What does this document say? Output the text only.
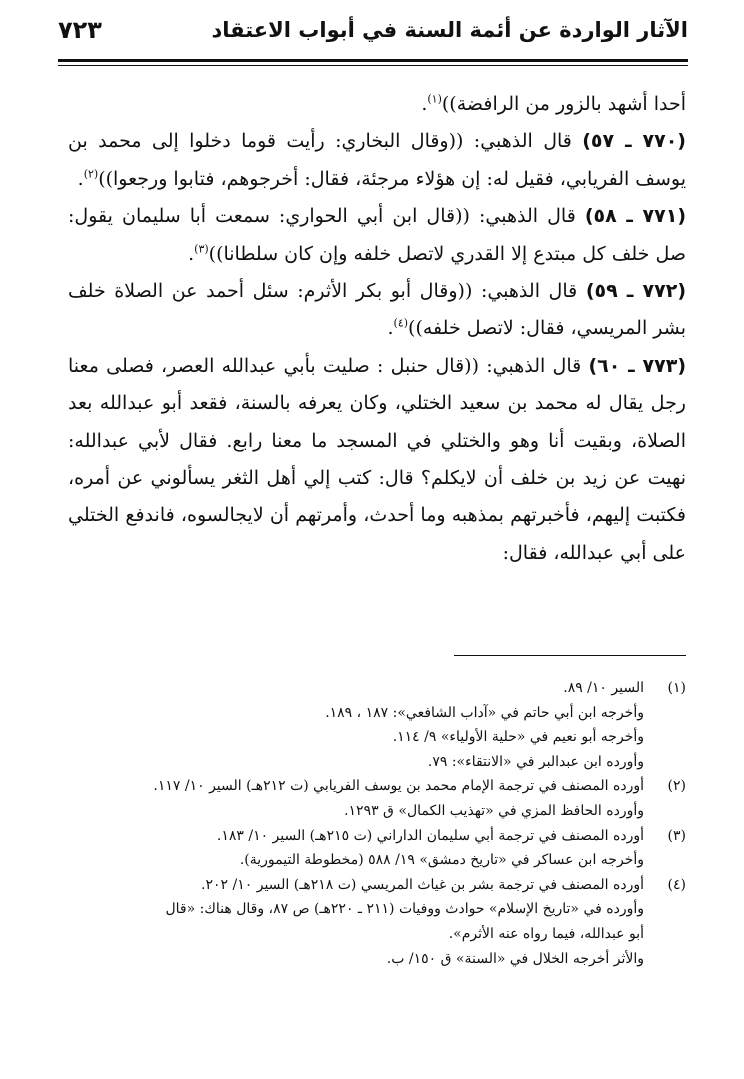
الآثار الواردة عن أئمة السنة في أبواب الاعتقاد
٧٢٣

أحدا أشهد بالزور من الرافضة))$^{(١)}$.

(٧٧٠ ـ ٥٧) قال الذهبي: ((وقال البخاري: رأيت قوما دخلوا إلى محمد بن يوسف الفريابي، فقيل له: إن هؤلاء مرجئة، فقال: أخرجوهم، فتابوا ورجعوا))$^{(٢)}$.

(٧٧١ ـ ٥٨) قال الذهبي: ((قال ابن أبي الحواري: سمعت أبا سليمان يقول: صل خلف كل مبتدع إلا القدري لاتصل خلفه وإن كان سلطانا))$^{(٣)}$.

(٧٧٢ ـ ٥٩) قال الذهبي: ((وقال أبو بكر الأثرم: سئل أحمد عن الصلاة خلف بشر المريسي، فقال: لاتصل خلفه))$^{(٤)}$.

(٧٧٣ ـ ٦٠) قال الذهبي: ((قال حنبل : صليت بأبي عبدالله العصر، فصلى معنا رجل يقال له محمد بن سعيد الختلي، وكان يعرفه بالسنة، فقعد أبو عبدالله بعد الصلاة، وبقيت أنا وهو والختلي في المسجد ما معنا رابع. فقال لأبي عبدالله: نهيت عن زيد بن خلف أن لايكلم؟ قال: كتب إلي أهل الثغر يسألوني عن أمره، فكتبت إليهم، فأخبرتهم بمذهبه وما أحدث، وأمرتهم أن لايجالسوه، فاندفع الختلي على أبي عبدالله، فقال:

(١)
السير ١٠/ ٨٩.
وأخرجه ابن أبي حاتم في «آداب الشافعي»: ١٨٧ ، ١٨٩.
وأخرجه أبو نعيم في «حلية الأولياء» ٩/ ١١٤.
وأورده ابن عبدالبر في «الانتقاء»: ٧٩.
(٢)
أورده المصنف في ترجمة الإمام محمد بن يوسف الفريابي (ت ٢١٢هـ) السير ١٠/ ١١٧.
وأورده الحافظ المزي في «تهذيب الكمال» ق ١٢٩٣.
(٣)
أورده المصنف في ترجمة أبي سليمان الداراني (ت ٢١٥هـ) السير ١٠/ ١٨٣.
وأخرجه ابن عساكر في «تاريخ دمشق» ١٩/ ٥٨٨ (مخطوطة التيمورية).
(٤)
أورده المصنف في ترجمة بشر بن غياث المريسي (ت ٢١٨هـ) السير ١٠/ ٢٠٢.
وأورده في «تاريخ الإسلام» حوادث ووفيات (٢١١ ـ ٢٢٠هـ) ص ٨٧، وقال هناك: «قال
أبو عبدالله، فيما رواه عنه الأثرم».
والأثر أخرجه الخلال في «السنة» ق ١٥٠/ ب.
